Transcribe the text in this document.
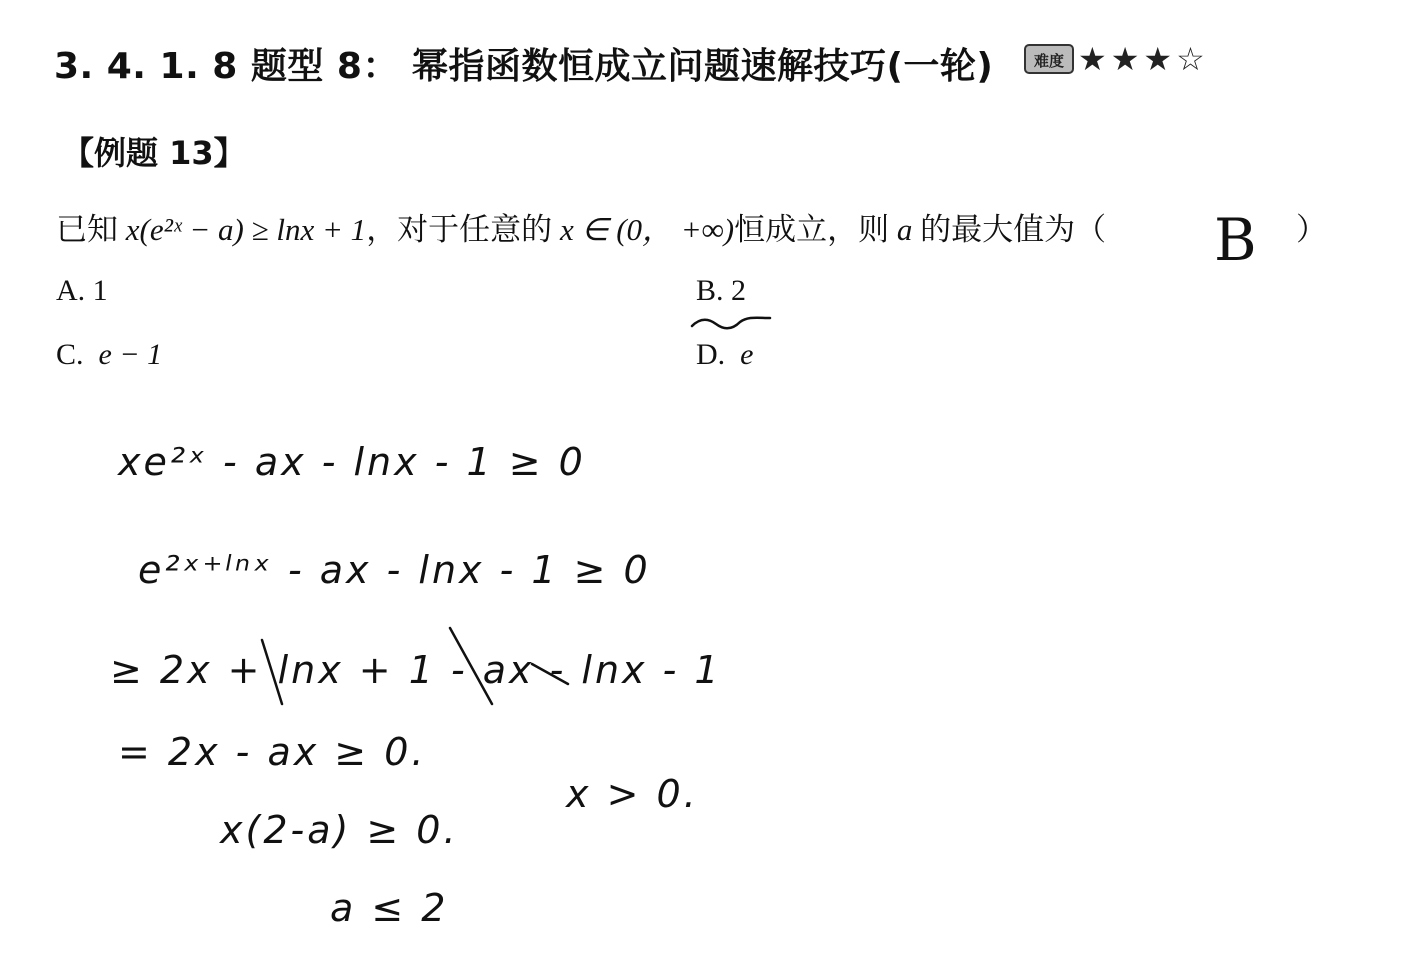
3. 4. 1. 8 题型 8： 幂指函数恒成立问题速解技巧(一轮)	难度 ★ ★ ★ ☆
【例题 13】
已知 x(e²ˣ − a) ≥ lnx + 1，对于任意的 x ∈ (0， +∞)恒成立，则 a 的最大值为（	）
A. 1	B. 2
C. e − 1	D. e
B
xe²ˣ - ax - lnx - 1 ≥ 0
e²ˣ⁺ˡⁿˣ - ax - lnx - 1 ≥ 0
≥ 2x + lnx + 1 - ax - lnx - 1
= 2x - ax ≥ 0.
x(2-a) ≥ 0.
x > 0.
a ≤ 2
